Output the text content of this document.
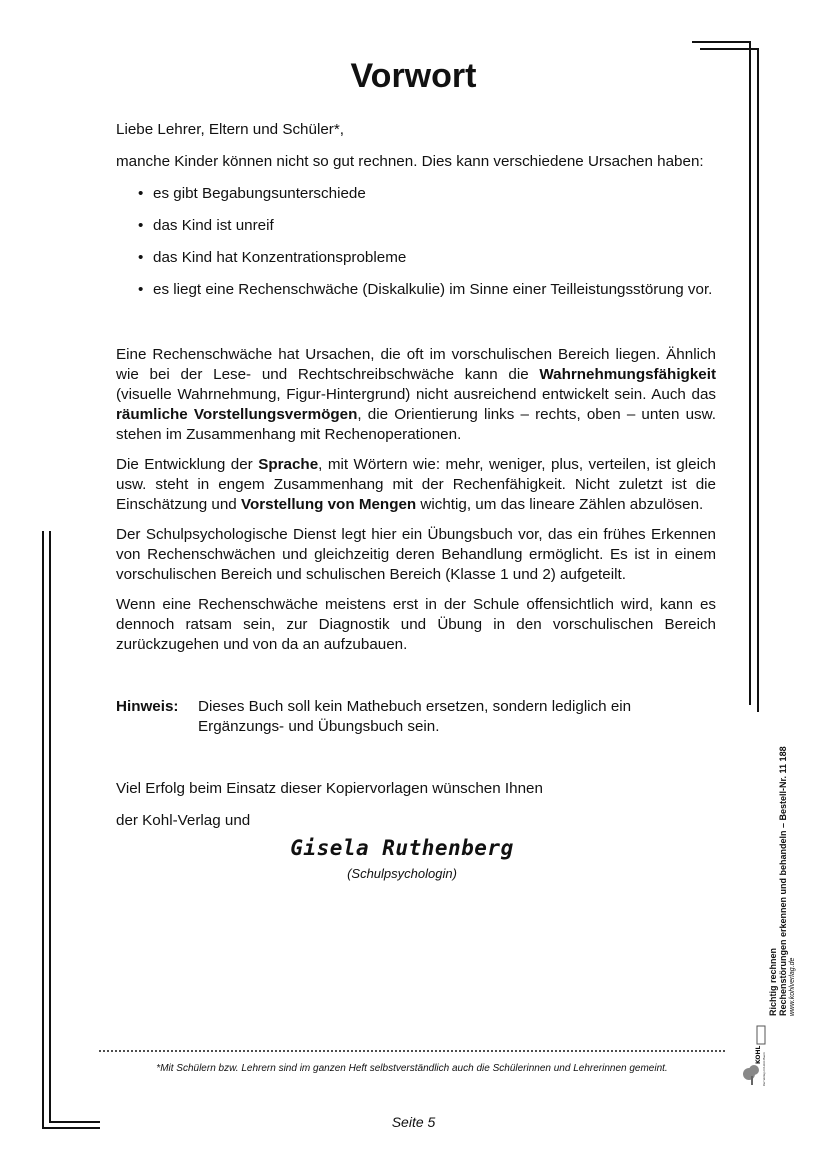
Vorwort

Liebe Lehrer, Eltern und Schüler*,

manche Kinder können nicht so gut rechnen. Dies kann verschiedene Ursachen haben:

• es gibt Begabungsunterschiede
• das Kind ist unreif
• das Kind hat Konzentrationsprobleme
• es liegt eine Rechenschwäche (Diskalkulie) im Sinne einer Teilleistungsstörung vor.

Eine Rechenschwäche hat Ursachen, die oft im vorschulischen Bereich liegen. Ähnlich wie bei der Lese- und Rechtschreibschwäche kann die Wahrnehmungsfähigkeit (visuelle Wahrnehmung, Figur-Hintergrund) nicht ausreichend entwickelt sein. Auch das räumliche Vorstellungsvermögen, die Orientierung links – rechts, oben – unten usw. stehen im Zusammenhang mit Rechenoperationen.

Die Entwicklung der Sprache, mit Wörtern wie: mehr, weniger, plus, verteilen, ist gleich usw. steht in engem Zusammenhang mit der Rechenfähigkeit. Nicht zuletzt ist die Einschätzung und Vorstellung von Mengen wichtig, um das lineare Zählen abzulösen.

Der Schulpsychologische Dienst legt hier ein Übungsbuch vor, das ein frühes Erkennen von Rechenschwächen und gleichzeitig deren Behandlung ermöglicht. Es ist in einem vorschulischen Bereich und schulischen Bereich (Klasse 1 und 2) aufgeteilt.

Wenn eine Rechenschwäche meistens erst in der Schule offensichtlich wird, kann es dennoch ratsam sein, zur Diagnostik und Übung in den vorschulischen Bereich zurückzugehen und von da an aufzubauen.

Hinweis:	Dieses Buch soll kein Mathebuch ersetzen, sondern lediglich ein Ergänzungs- und Übungsbuch sein.

Viel Erfolg beim Einsatz dieser Kopiervorlagen wünschen Ihnen

der Kohl-Verlag und

Gisela Ruthenberg
(Schulpsychologin)
*Mit Schülern bzw. Lehrern sind im ganzen Heft selbstverständlich auch die Schülerinnen und Lehrerinnen gemeint.
Seite 5
Richtig rechnen Rechenstörungen erkennen und behandeln – Bestell-Nr. 11 188 www.kohlverlag.de
KOHL Der Verlag mit dem Baum
